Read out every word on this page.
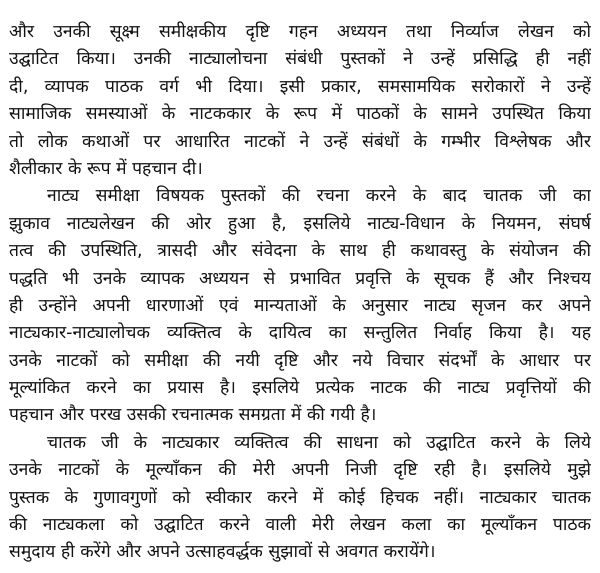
और उनकी सूक्ष्म समीक्षकीय दृष्टि गहन अध्ययन तथा निर्व्याज लेखन को
उद्घाटित किया। उनकी नाट्यालोचना संबंधी पुस्तकों ने उन्हें प्रसिद्धि ही नहीं
दी, व्यापक पाठक वर्ग भी दिया। इसी प्रकार, समसामयिक सरोकारों ने उन्हें
सामाजिक समस्याओं के नाटककार के रूप में पाठकों के सामने उपस्थित किया
तो लोक कथाओं पर आधारित नाटकों ने उन्हें संबंधों के गम्भीर विश्लेषक और
शैलीकार के रूप में पहचान दी।
नाट्य समीक्षा विषयक पुस्तकों की रचना करने के बाद चातक जी का
झुकाव नाट्यलेखन की ओर हुआ है, इसलिये नाट्य-विधान के नियमन, संघर्ष
तत्व की उपस्थिति, त्रासदी और संवेदना के साथ ही कथावस्तु के संयोजन की
पद्धति भी उनके व्यापक अध्ययन से प्रभावित प्रवृत्ति के सूचक हैं और निश्चय
ही उन्होंने अपनी धारणाओं एवं मान्यताओं के अनुसार नाट्य सृजन कर अपने
नाट्यकार-नाट्यालोचक व्यक्तित्व के दायित्व का सन्तुलित निर्वाह किया है। यह
उनके नाटकों को समीक्षा की नयी दृष्टि और नये विचार संदर्भों के आधार पर
मूल्यांकित करने का प्रयास है। इसलिये प्रत्येक नाटक की नाट्य प्रवृत्तियों की
पहचान और परख उसकी रचनात्मक समग्रता में की गयी है।
चातक जी के नाट्यकार व्यक्तित्व की साधना को उद्घाटित करने के लिये
उनके नाटकों के मूल्याँकन की मेरी अपनी निजी दृष्टि रही है। इसलिये मुझे
पुस्तक के गुणावगुणों को स्वीकार करने में कोई हिचक नहीं। नाट्यकार चातक
की नाट्यकला को उद्घाटित करने वाली मेरी लेखन कला का मूल्याँकन पाठक
समुदाय ही करेंगे और अपने उत्साहवर्द्धक सुझावों से अवगत करायेंगे।
